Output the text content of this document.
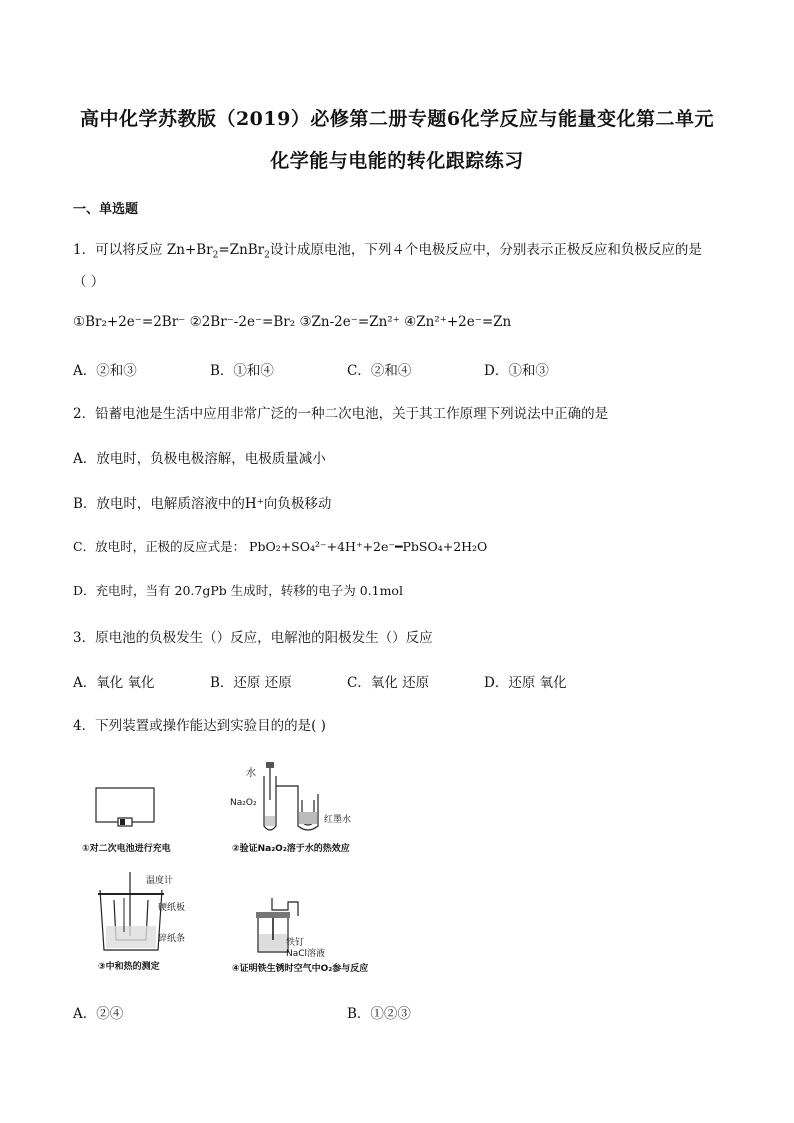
高中化学苏教版（2019）必修第二册专题6化学反应与能量变化第二单元
化学能与电能的转化跟踪练习
一、单选题
1．可以将反应 $Zn+Br_2=ZnBr_2$设计成原电池，下列４个电极反应中，分别表示正极反应和负极反应的是
（ ）
①Br₂+2e⁻=2Br⁻ ②2Br⁻-2e⁻=Br₂ ③Zn-2e⁻=Zn²⁺ ④Zn²⁺+2e⁻=Zn
A．②和③	B．①和④	C．②和④	D．①和③
2．铅蓄电池是生活中应用非常广泛的一种二次电池，关于其工作原理下列说法中正确的是
A．放电时，负极电极溶解，电极质量减小
B．放电时，电解质溶液中的H⁺向负极移动
C．放电时，正极的反应式是： PbO₂+SO₄²⁻+4H⁺+2e⁻━PbSO₄+2H₂O
D．充电时，当有 20.7gPb 生成时，转移的电子为 0.1mol
3．原电池的负极发生（）反应，电解池的阳极发生（）反应
A．氧化 氧化	B．还原 还原	C．氧化 还原	D．还原 氧化
4．下列装置或操作能达到实验目的的是( )
①对二次电池进行充电
水
Na₂O₂
红墨水
②验证Na₂O₂溶于水的热效应
温度计
硬纸板
碎纸条
③中和热的测定
铁钉
NaCl溶液
④证明铁生锈时空气中O₂参与反应
A．②④	B．①②③
